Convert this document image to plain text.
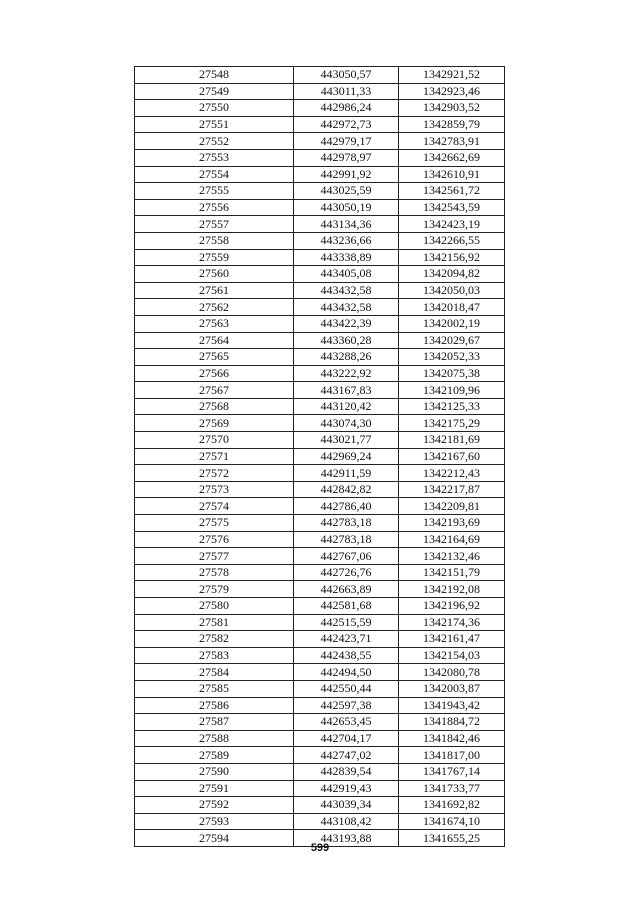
27548	443050,57	1342921,52
27549	443011,33	1342923,46
27550	442986,24	1342903,52
27551	442972,73	1342859,79
27552	442979,17	1342783,91
27553	442978,97	1342662,69
27554	442991,92	1342610,91
27555	443025,59	1342561,72
27556	443050,19	1342543,59
27557	443134,36	1342423,19
27558	443236,66	1342266,55
27559	443338,89	1342156,92
27560	443405,08	1342094,82
27561	443432,58	1342050,03
27562	443432,58	1342018,47
27563	443422,39	1342002,19
27564	443360,28	1342029,67
27565	443288,26	1342052,33
27566	443222,92	1342075,38
27567	443167,83	1342109,96
27568	443120,42	1342125,33
27569	443074,30	1342175,29
27570	443021,77	1342181,69
27571	442969,24	1342167,60
27572	442911,59	1342212,43
27573	442842,82	1342217,87
27574	442786,40	1342209,81
27575	442783,18	1342193,69
27576	442783,18	1342164,69
27577	442767,06	1342132,46
27578	442726,76	1342151,79
27579	442663,89	1342192,08
27580	442581,68	1342196,92
27581	442515,59	1342174,36
27582	442423,71	1342161,47
27583	442438,55	1342154,03
27584	442494,50	1342080,78
27585	442550,44	1342003,87
27586	442597,38	1341943,42
27587	442653,45	1341884,72
27588	442704,17	1341842,46
27589	442747,02	1341817,00
27590	442839,54	1341767,14
27591	442919,43	1341733,77
27592	443039,34	1341692,82
27593	443108,42	1341674,10
27594	443193,88	1341655,25
599
